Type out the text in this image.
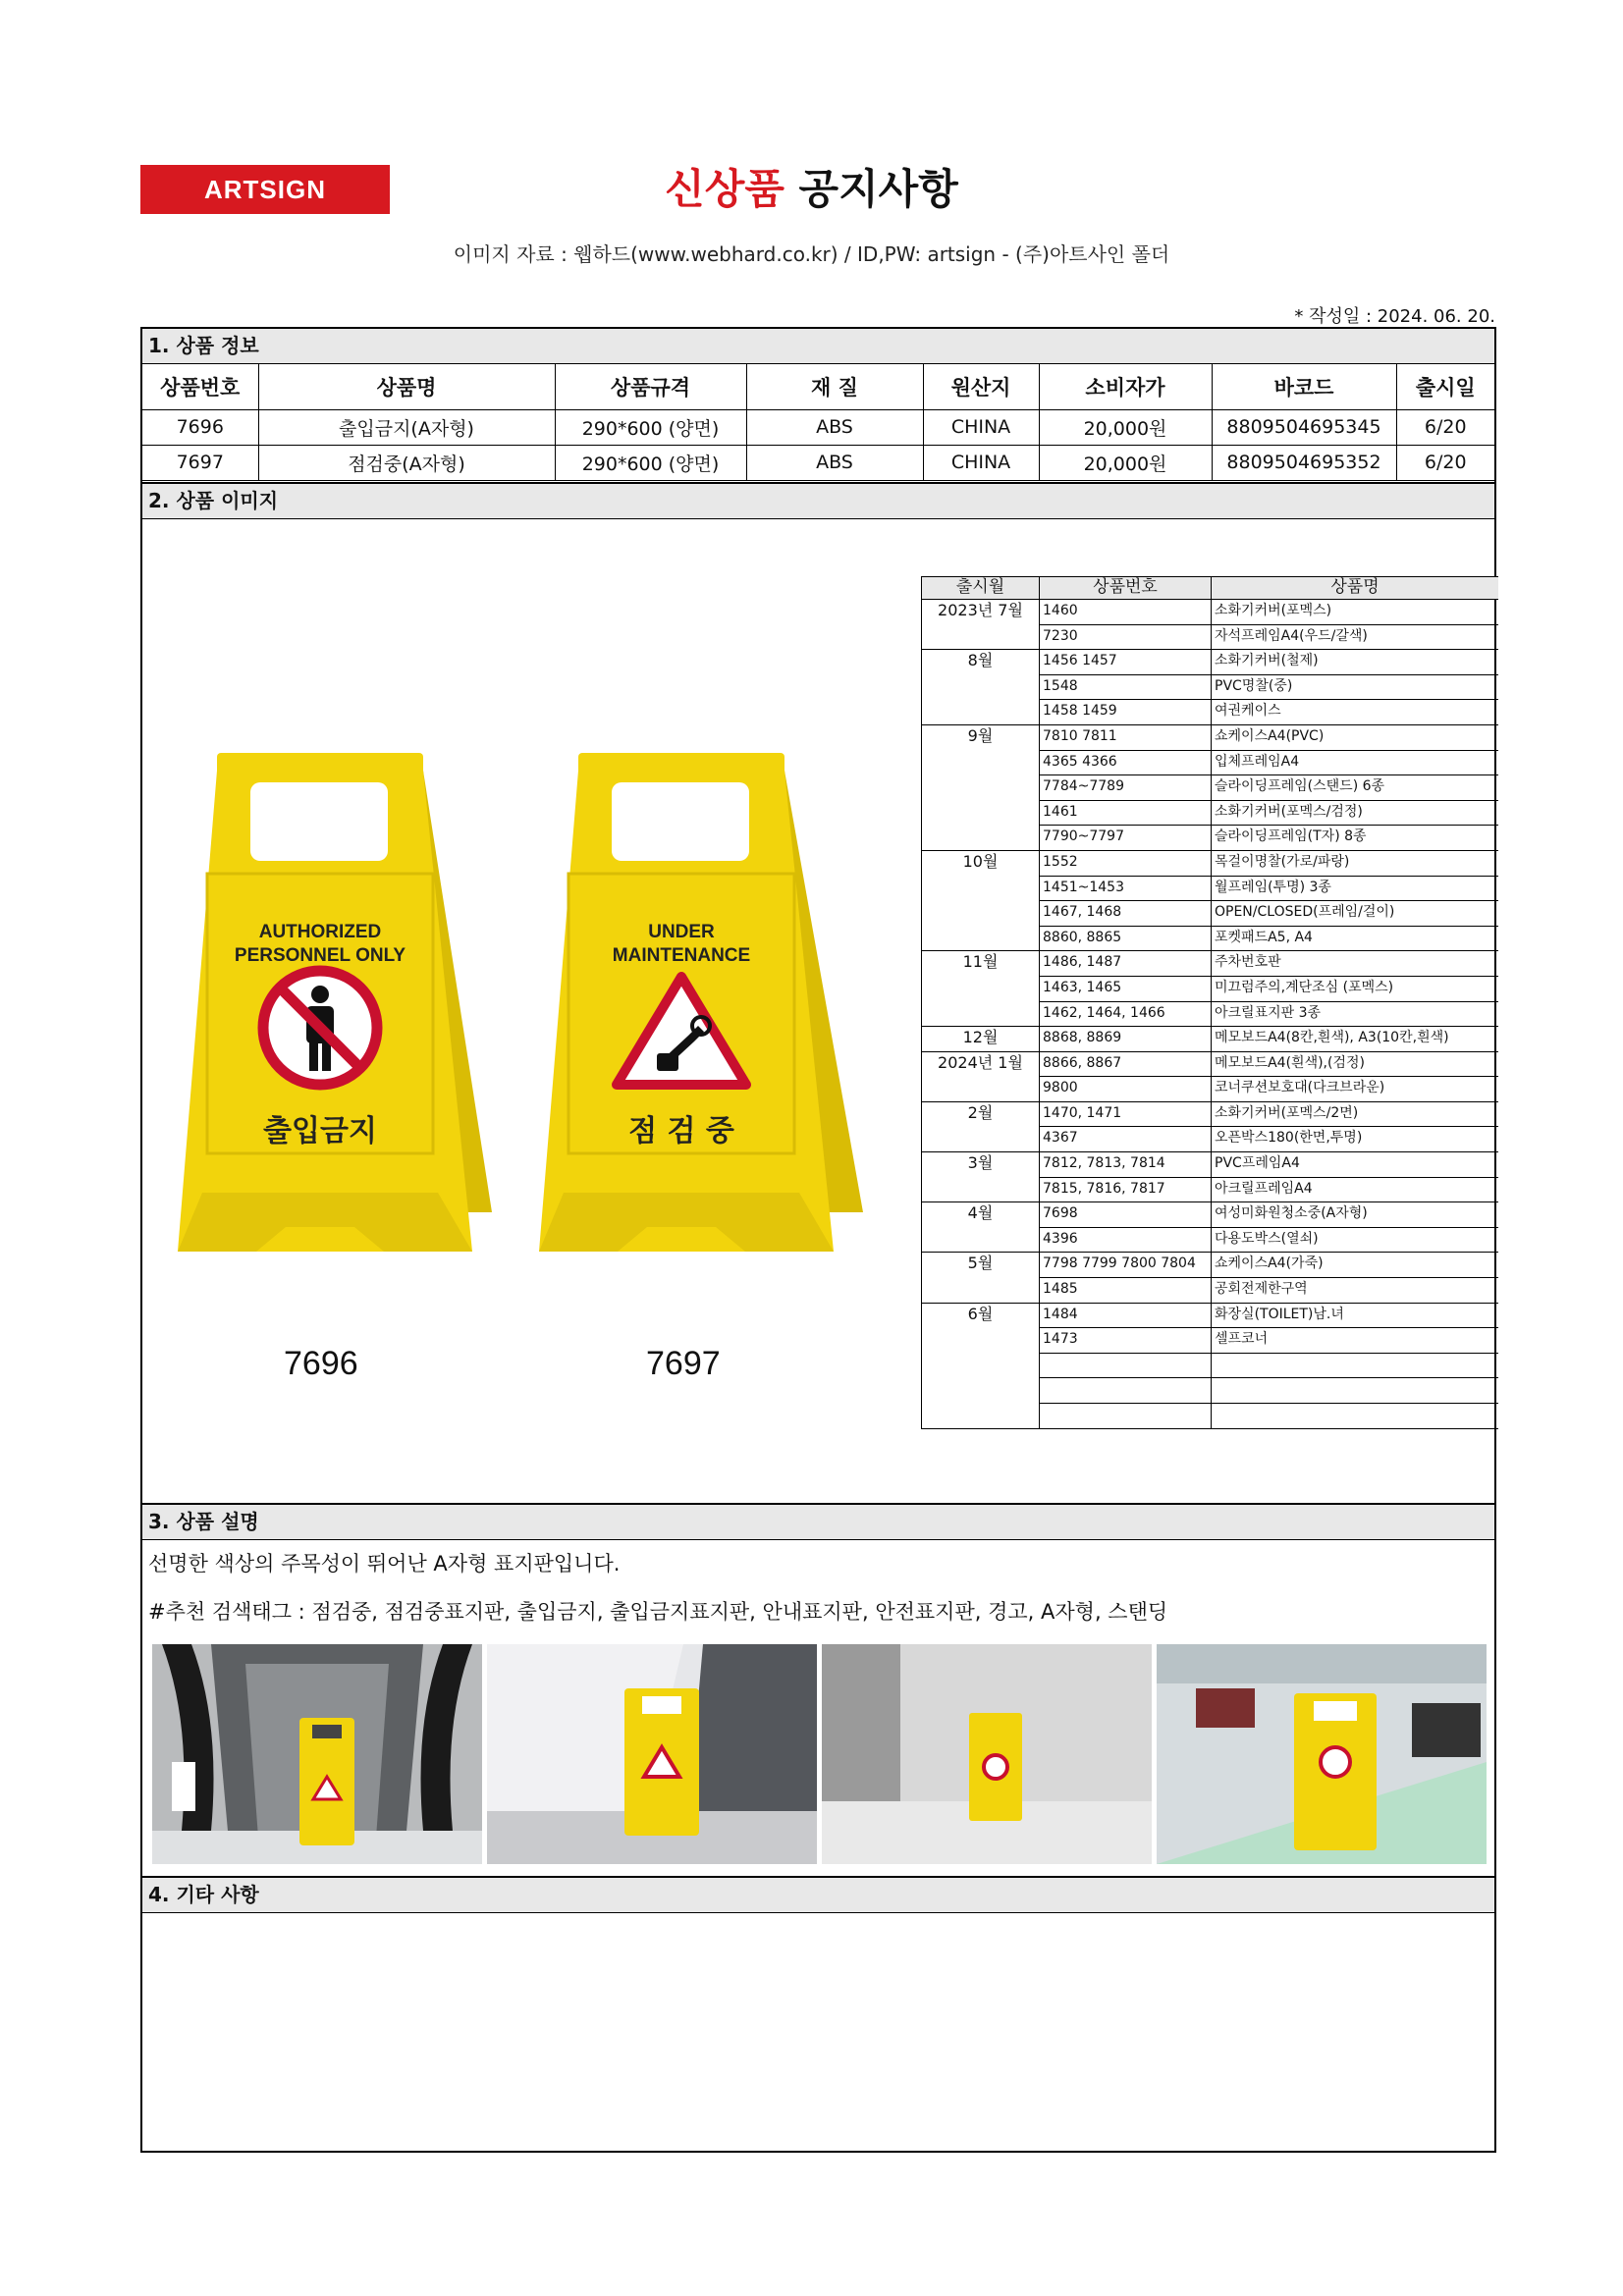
ARTSIGN	신상품 공지사항
이미지 자료 : 웹하드(www.webhard.co.kr) / ID,PW: artsign - (주)아트사인 폴더
* 작성일 : 2024. 06. 20.
1. 상품 정보
상품번호	상품명	상품규격	재 질	원산지	소비자가	바코드	출시일
7696	출입금지(A자형)	290*600 (양면)	ABS	CHINA	20,000원	8809504695345	6/20
7697	점검중(A자형)	290*600 (양면)	ABS	CHINA	20,000원	8809504695352	6/20
2. 상품 이미지
AUTHORIZED
PERSONNEL ONLY
출입금지
UNDER
MAINTENANCE
점 검 중
7696	7697
출시월	상품번호	상품명
2023년 7월	1460	소화기커버(포멕스)
	7230	자석프레임A4(우드/갈색)
8월	1456 1457	소화기커버(철제)
	1548	PVC명찰(중)
	1458 1459	여권케이스
9월	7810 7811	쇼케이스A4(PVC)
	4365 4366	입체프레임A4
	7784~7789	슬라이딩프레임(스탠드) 6종
	1461	소화기커버(포멕스/검정)
	7790~7797	슬라이딩프레임(T자) 8종
10월	1552	목걸이명찰(가로/파랑)
	1451~1453	월프레임(투명) 3종
	1467, 1468	OPEN/CLOSED(프레임/걸이)
	8860, 8865	포켓패드A5, A4
11월	1486, 1487	주차번호판
	1463, 1465	미끄럼주의,계단조심 (포멕스)
	1462, 1464, 1466	아크릴표지판 3종
12월	8868, 8869	메모보드A4(8칸,흰색), A3(10칸,흰색)
2024년 1월	8866, 8867	메모보드A4(흰색),(검정)
	9800	코너쿠션보호대(다크브라운)
2월	1470, 1471	소화기커버(포멕스/2면)
	4367	오픈박스180(한면,투명)
3월	7812, 7813, 7814	PVC프레임A4
	7815, 7816, 7817	아크릴프레임A4
4월	7698	여성미화원청소중(A자형)
	4396	다용도박스(열쇠)
5월	7798 7799 7800 7804	쇼케이스A4(가죽)
	1485	공회전제한구역
6월	1484	화장실(TOILET)남.녀
	1473	셀프코너

3. 상품 설명
선명한 색상의 주목성이 뛰어난 A자형 표지판입니다.
#추천 검색태그 : 점검중, 점검중표지판, 출입금지, 출입금지표지판, 안내표지판, 안전표지판, 경고, A자형, 스탠딩
4. 기타 사항
